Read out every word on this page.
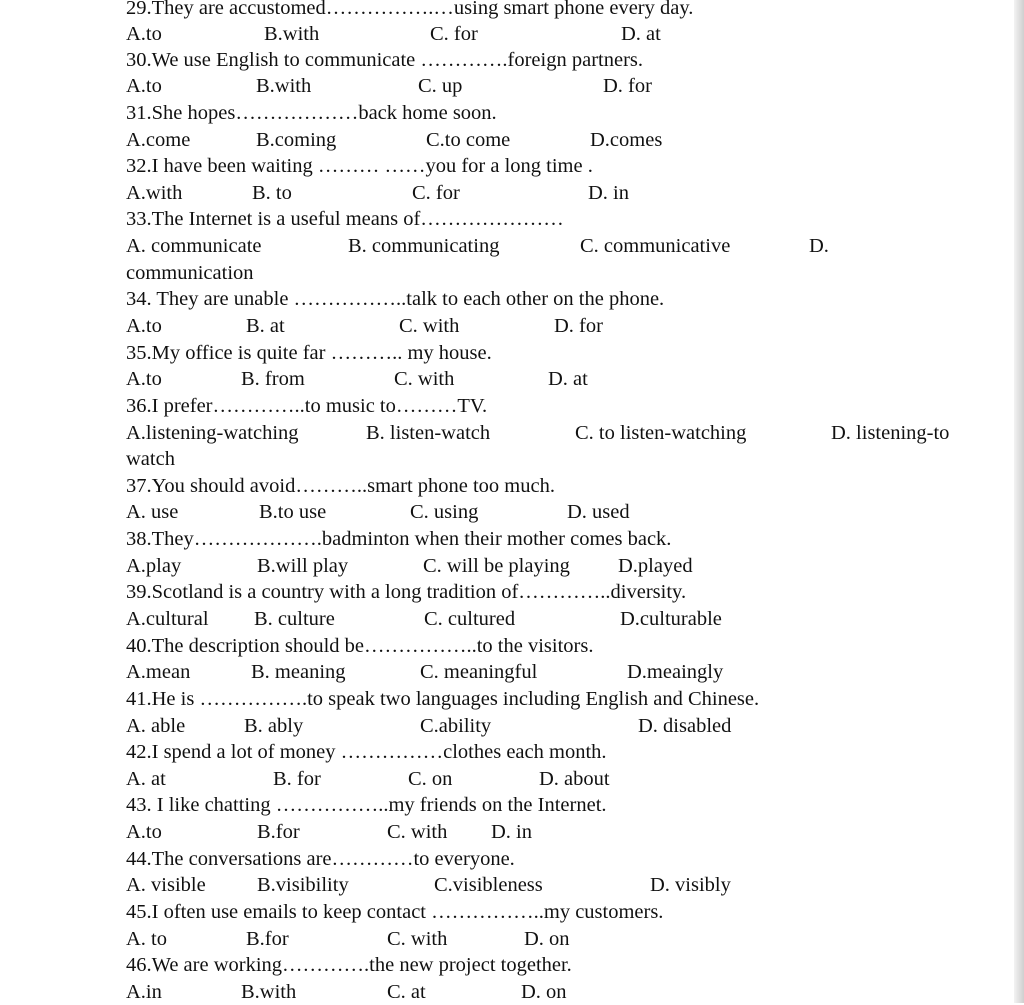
29.They are accustomed…………….…using smart phone every day.
A.to	B.with	C. for	D. at
30.We use English to communicate ………….foreign partners.
A.to	B.with	C. up	D. for
31.She hopes………………back home soon.
A.come	B.coming	C.to come	D.comes
32.I have been waiting ……… ……you for a long time .
A.with	B. to	C. for	D. in
33.The Internet is a useful means of…………………
A. communicate	B. communicating	C. communicative	D.
communication
34. They are unable ……………..talk to each other on the phone.
A.to	B. at	C. with	D. for
35.My office is quite far ……….. my house.
A.to	B. from	C. with	D. at
36.I prefer…………..to music to………TV.
A.listening-watching	B. listen-watch	C. to listen-watching	D. listening-to
watch
37.You should avoid………..smart phone too much.
A. use	B.to use	C. using	D. used
38.They……………….badminton when their mother comes back.
A.play	B.will play	C. will be playing D.played
39.Scotland is a country with a long tradition of…………..diversity.
A.cultural B. culture	C. cultured	D.culturable
40.The description should be……………..to the visitors.
A.mean	B. meaning	C. meaningful	D.meaingly
41.He is …………….to speak two languages including English and Chinese.
A. able	B. ably	C.ability	D. disabled
42.I spend a lot of money ……………clothes each month.
A. at	B. for	C. on	D. about
43. I like chatting ……………..my friends on the Internet.
A.to	B.for	C. with D. in
44.The conversations are…………to everyone.
A. visible	B.visibility	C.visibleness	D. visibly
45.I often use emails to keep contact ……………..my customers.
A. to	B.for	C. with	D. on
46.We are working………….the new project together.
A.in	B.with	C. at	D. on
